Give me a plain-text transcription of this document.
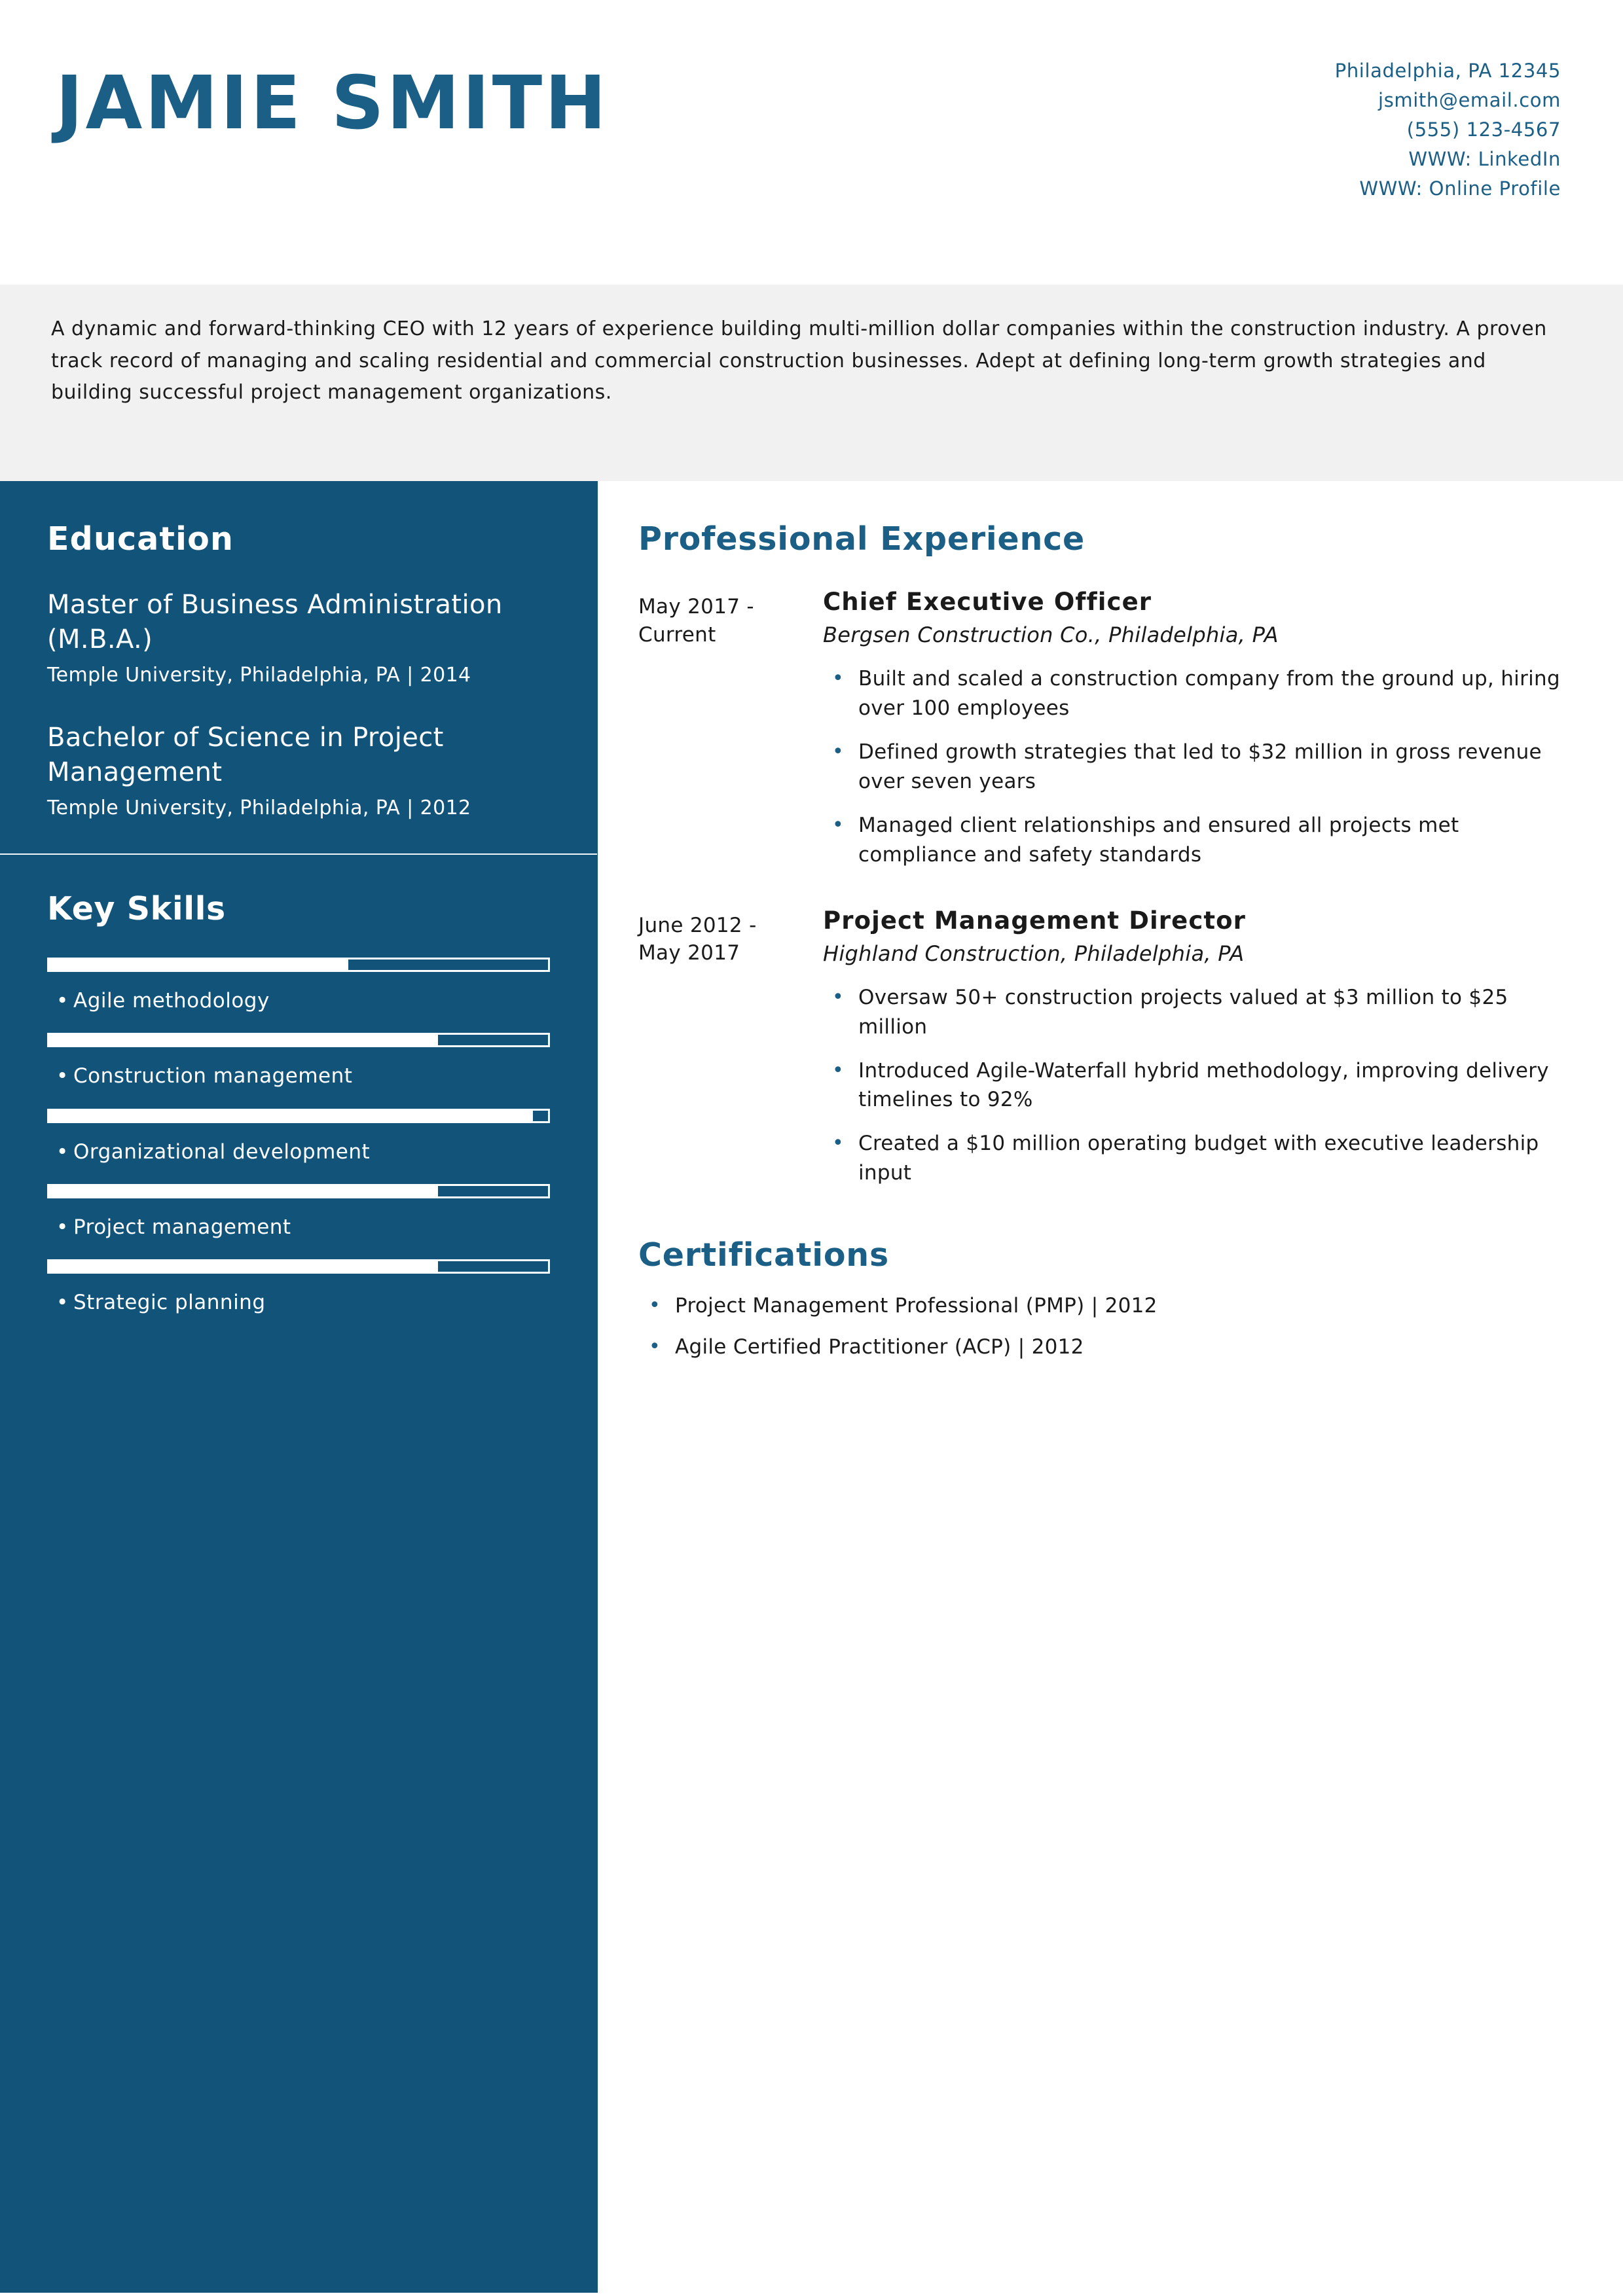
JAMIE SMITH	Philadelphia, PA 12345
jsmith@email.com
(555) 123-4567
WWW: LinkedIn
WWW: Online Profile
A dynamic and forward-thinking CEO with 12 years of experience building multi-million dollar companies within the construction industry. A proven track record of managing and scaling residential and commercial construction businesses. Adept at defining long-term growth strategies and building successful project management organizations.
Education
Master of Business Administration (M.B.A.)
Temple University, Philadelphia, PA | 2014
Bachelor of Science in Project Management
Temple University, Philadelphia, PA | 2012
Key Skills
• Agile methodology
• Construction management
• Organizational development
• Project management
• Strategic planning
Professional Experience
May 2017 - Current
Chief Executive Officer
Bergsen Construction Co., Philadelphia, PA
• Built and scaled a construction company from the ground up, hiring over 100 employees
• Defined growth strategies that led to $32 million in gross revenue over seven years
• Managed client relationships and ensured all projects met compliance and safety standards
June 2012 - May 2017
Project Management Director
Highland Construction, Philadelphia, PA
• Oversaw 50+ construction projects valued at $3 million to $25 million
• Introduced Agile-Waterfall hybrid methodology, improving delivery timelines to 92%
• Created a $10 million operating budget with executive leadership input
Certifications
• Project Management Professional (PMP) | 2012
• Agile Certified Practitioner (ACP) | 2012
